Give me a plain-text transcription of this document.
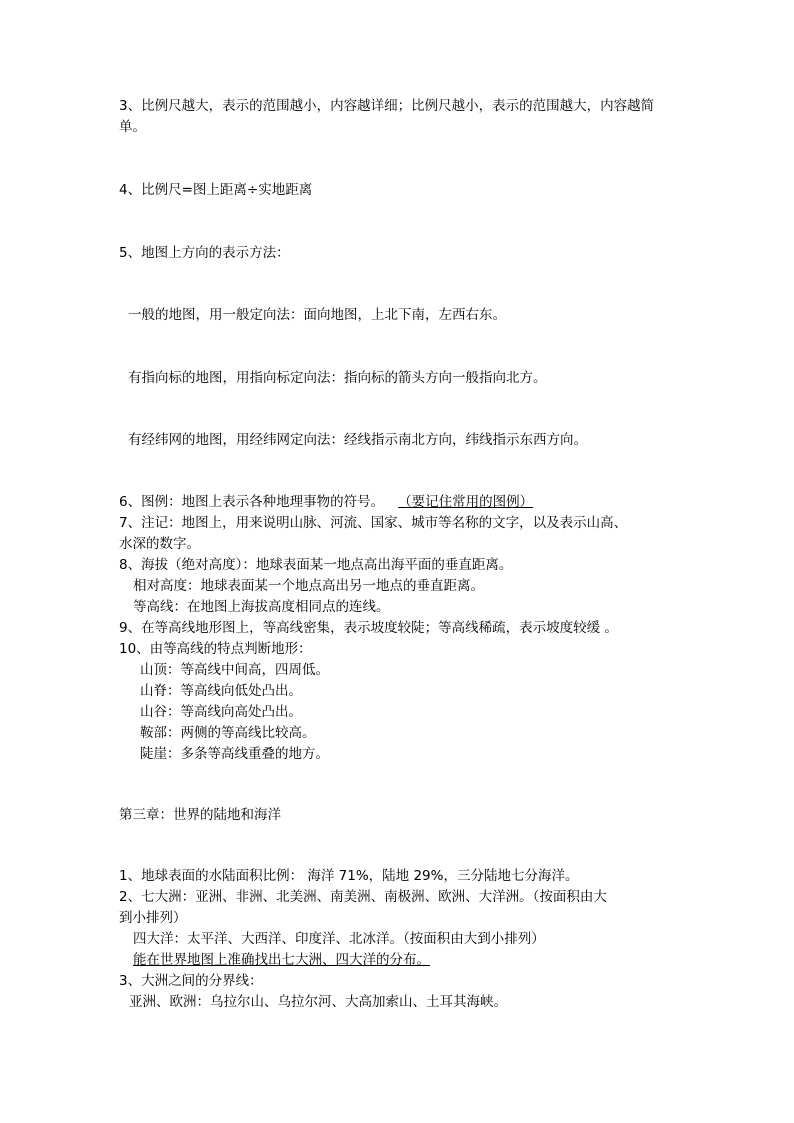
3、比例尺越大，表示的范围越小，内容越详细；比例尺越小，表示的范围越大，内容越简
单。
4、比例尺=图上距离÷实地距离
5、地图上方向的表示方法：
一般的地图，用一般定向法：面向地图，上北下南，左西右东。
有指向标的地图，用指向标定向法：指向标的箭头方向一般指向北方。
有经纬网的地图，用经纬网定向法：经线指示南北方向，纬线指示东西方向。
6、图例：地图上表示各种地理事物的符号。 （要记住常用的图例）
7、注记：地图上，用来说明山脉、河流、国家、城市等名称的文字，以及表示山高、
水深的数字。
8、海拔（绝对高度）：地球表面某一地点高出海平面的垂直距离。
相对高度：地球表面某一个地点高出另一地点的垂直距离。
等高线：在地图上海拔高度相同点的连线。
9、在等高线地形图上，等高线密集，表示坡度较陡；等高线稀疏，表示坡度较缓 。
10、由等高线的特点判断地形：
山顶：等高线中间高，四周低。
山脊：等高线向低处凸出。
山谷：等高线向高处凸出。
鞍部：两侧的等高线比较高。
陡崖：多条等高线重叠的地方。
第三章：世界的陆地和海洋
1、地球表面的水陆面积比例： 海洋 71%，陆地 29%，三分陆地七分海洋。
2、七大洲：亚洲、非洲、北美洲、南美洲、南极洲、欧洲、大洋洲。（按面积由大
到小排列）
四大洋：太平洋、大西洋、印度洋、北冰洋。（按面积由大到小排列）
能在世界地图上准确找出七大洲、四大洋的分布。
3、大洲之间的分界线：
亚洲、欧洲：乌拉尔山、乌拉尔河、大高加索山、土耳其海峡。
